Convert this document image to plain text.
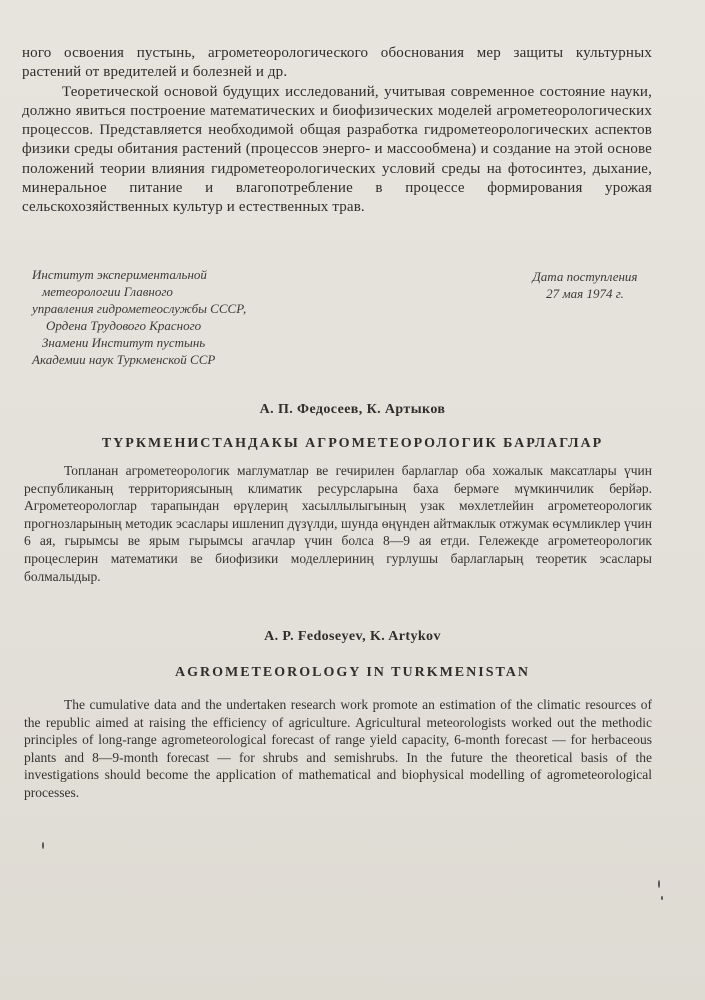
ного освоения пустынь, агрометеорологического обоснования мер защиты культурных растений от вредителей и болезней и др.

Теоретической основой будущих исследований, учитывая современное состояние науки, должно явиться построение математических и биофизических моделей агрометеорологических процессов. Представляется необходимой общая разработка гидрометеорологических аспектов физики среды обитания растений (процессов энерго- и массообмена) и создание на этой основе положений теории влияния гидрометеорологических условий среды на фотосинтез, дыхание, минеральное питание и влагопотребление в процессе формирования урожая сельскохозяйственных культур и естественных трав.

Институт экспериментальной
метеорологии Главного
управления гидрометеослужбы СССР,
Ордена Трудового Красного
Знамени Институт пустынь
Академии наук Туркменской ССР
Дата поступления
27 мая 1974 г.
А. П. Федосеев, К. Артыков
ТҮРКМЕНИСТАНДАКЫ АГРОМЕТЕОРОЛОГИК БАРЛАГЛАР

Топланан агрометеорологик маглуматлар ве гечирилен барлаглар оба хожалык максатлары үчин республиканың территориясының климатик ресурсларына баха бермәге мүмкинчилик берйәр. Агрометеорологлар тарапындан өрүлериң хасыллылыгының узак мөхлетлейин агрометеорологик прогнозларының методик эсаслары ишленип дүзүлди, шунда өңүнден айтмаклык отжумак өсүмликлер үчин 6 ая, гырымсы ве ярым гырымсы агачлар үчин болса 8—9 ая етди. Гележекде агрометеорологик процеслерин математики ве биофизики моделлериниң гурлушы барлагларың теоретик эсаслары болмалыдыр.

A. P. Fedoseyev, K. Artykov
AGROMETEOROLOGY IN TURKMENISTAN

The cumulative data and the undertaken research work promote an estimation of the climatic resources of the republic aimed at raising the efficiency of agriculture. Agricultural meteorologists worked out the methodic principles of long-range agrometeorological forecast of range yield capacity, 6-month forecast — for herbaceous plants and 8—9-month forecast — for shrubs and semishrubs. In the future the theoretical basis of the investigations should become the application of mathematical and biophysical modelling of agrometeorological processes.
